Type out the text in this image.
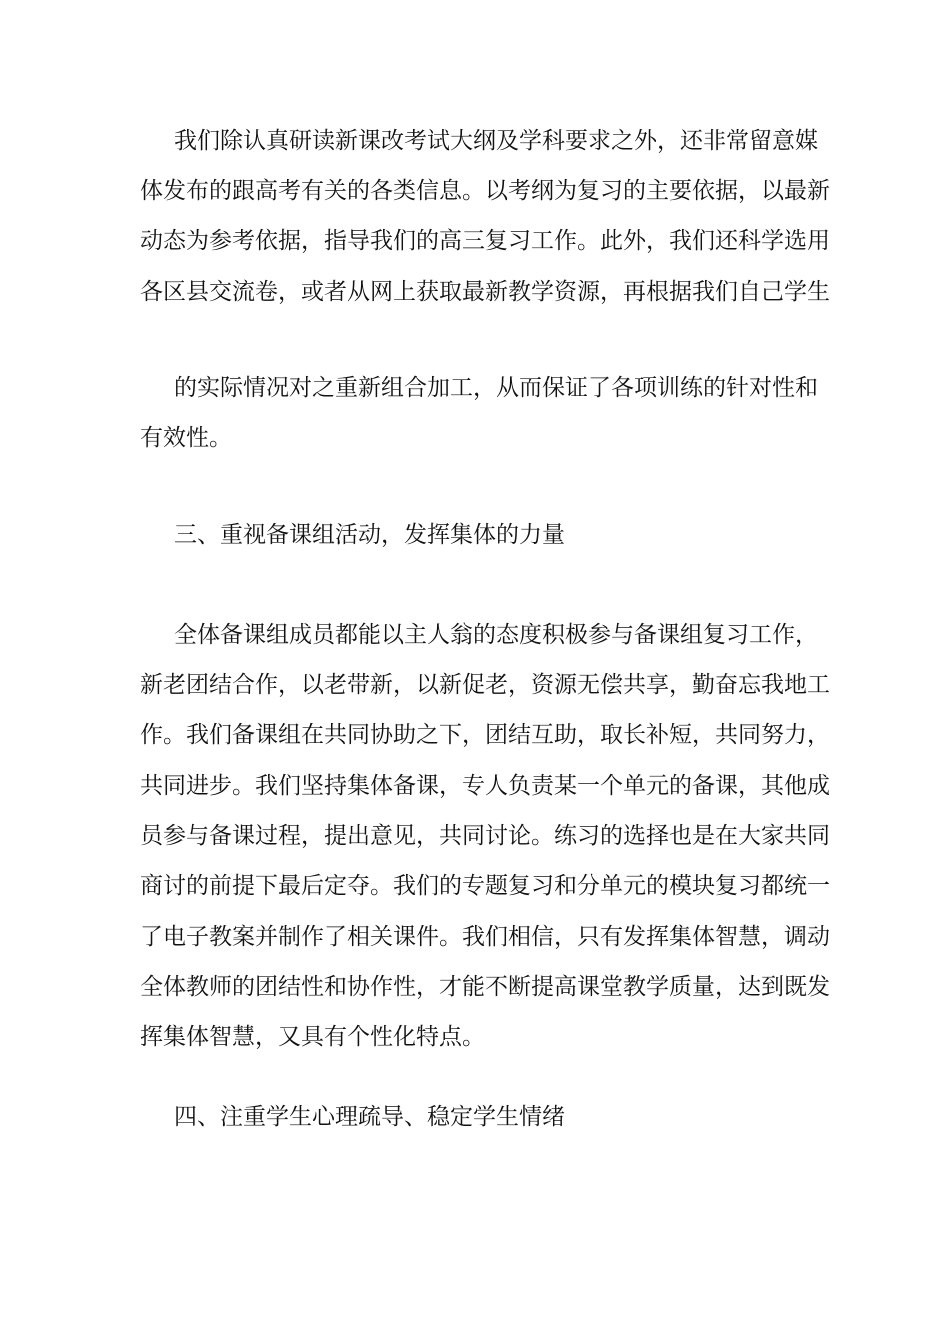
我们除认真研读新课改考试大纲及学科要求之外，还非常留意媒
体发布的跟高考有关的各类信息。以考纲为复习的主要依据，以最新
动态为参考依据，指导我们的高三复习工作。此外，我们还科学选用
各区县交流卷，或者从网上获取最新教学资源，再根据我们自己学生
的实际情况对之重新组合加工，从而保证了各项训练的针对性和
有效性。
三、重视备课组活动，发挥集体的力量
全体备课组成员都能以主人翁的态度积极参与备课组复习工作，
新老团结合作，以老带新，以新促老，资源无偿共享，勤奋忘我地工
作。我们备课组在共同协助之下，团结互助，取长补短，共同努力，
共同进步。我们坚持集体备课，专人负责某一个单元的备课，其他成
员参与备课过程，提出意见，共同讨论。练习的选择也是在大家共同
商讨的前提下最后定夺。我们的专题复习和分单元的模块复习都统一
了电子教案并制作了相关课件。我们相信，只有发挥集体智慧，调动
全体教师的团结性和协作性，才能不断提高课堂教学质量，达到既发
挥集体智慧，又具有个性化特点。
四、注重学生心理疏导、稳定学生情绪
